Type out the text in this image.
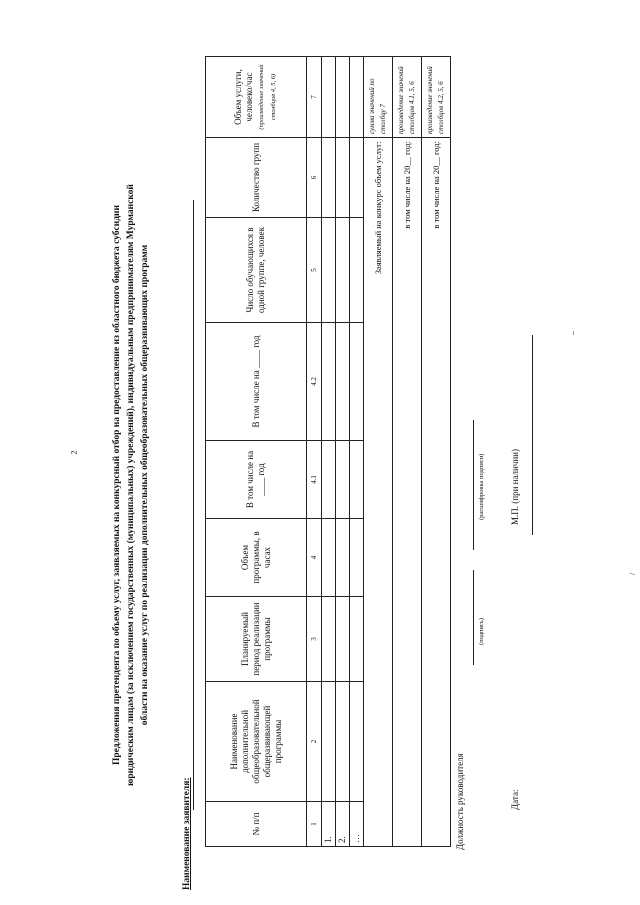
2	Предложения претендента по объему услуг, заявляемых на конкурсный отбор на предоставление из областного бюджета субсидии юридическим лицам (за исключением государственных (муниципальных) учреждений), индивидуальным предпринимателям Мурманской области на оказание услуг по реализации дополнительных общеобразовательных общеразвивающих программ
Наименование заявителя:	№ п/п	Наименование дополнительной общеобразовательной общеразвивающей программы	Планируемый период реализации программы	Объем программы, в часах	В том числе на ____ год	В том числе на ____ год	Число обучающихся в одной группе, человек	Количество групп	Объем услуги, человеко/час (произведение значений столбцов 4, 5, 6)
1	2	3	4	4.1	4.2	5	6	7
1.								
2.								
…								
Заявляемый на конкурс объем услуг:								сумма значений по столбцу 7
в том числе на 20__ год:								произведение значений столбцов 4.1, 5, 6
в том числе на 20__ год:								произведение значений столбцов 4.2, 5, 6
Должность руководителя
(подпись)
(расшифровка подписи)
Дата:
М.П. (при наличии)
–
/
